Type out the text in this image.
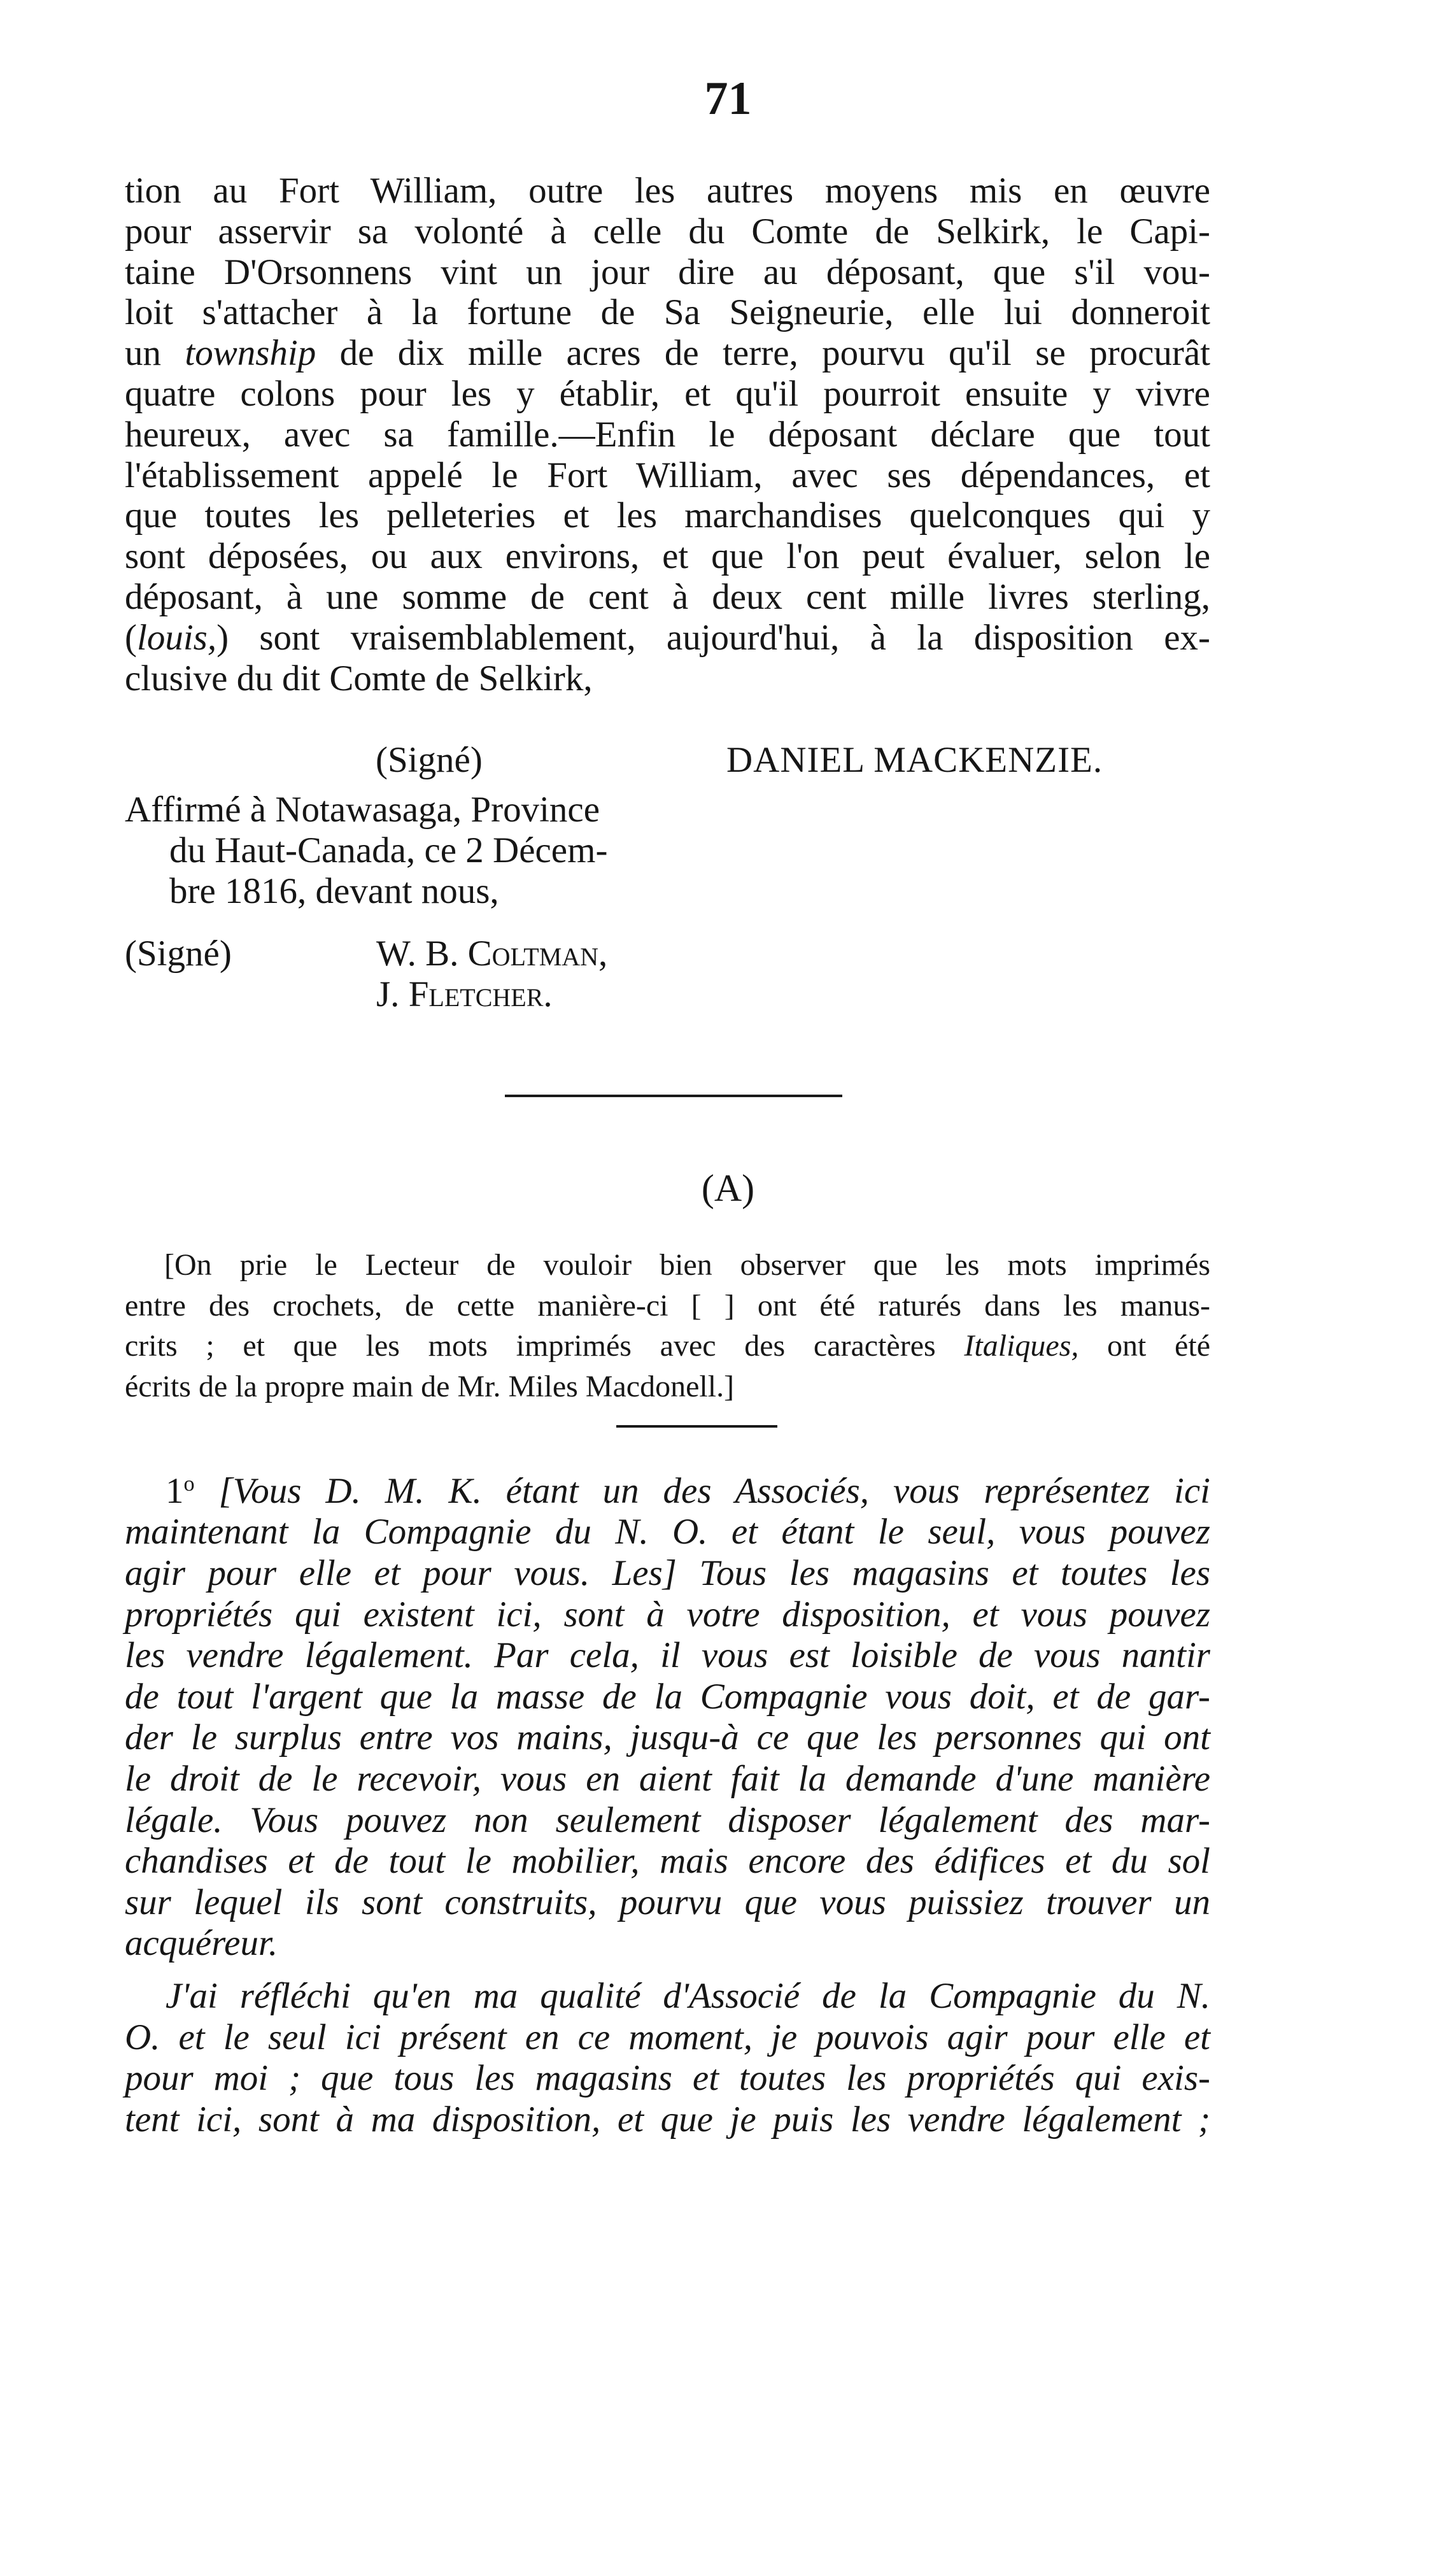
71
tion au Fort William, outre les autres moyens mis en œuvre
pour asservir sa volonté à celle du Comte de Selkirk, le Capi-
taine D'Orsonnens vint un jour dire au déposant, que s'il vou-
loit s'attacher à la fortune de Sa Seigneurie, elle lui donneroit
un township de dix mille acres de terre, pourvu qu'il se procurât
quatre colons pour les y établir, et qu'il pourroit ensuite y vivre
heureux, avec sa famille.—Enfin le déposant déclare que tout
l'établissement appelé le Fort William, avec ses dépendances, et
que toutes les pelleteries et les marchandises quelconques qui y
sont déposées, ou aux environs, et que l'on peut évaluer, selon le
déposant, à une somme de cent à deux cent mille livres sterling,
(louis,) sont vraisemblablement, aujourd'hui, à la disposition ex-
clusive du dit Comte de Selkirk,
(Signé)	DANIEL MACKENZIE.
Affirmé à Notawasaga, Province
du Haut-Canada, ce 2 Décem-
bre 1816, devant nous,
(Signé)	W. B. Coltman,
J. Fletcher.
(A)
[On prie le Lecteur de vouloir bien observer que les mots imprimés
entre des crochets, de cette manière-ci [ ] ont été raturés dans les manus-
crits ; et que les mots imprimés avec des caractères Italiques, ont été
écrits de la propre main de Mr. Miles Macdonell.]
1$^o$ [Vous D. M. K. étant un des Associés, vous représentez ici
maintenant la Compagnie du N. O. et étant le seul, vous pouvez
agir pour elle et pour vous. Les] Tous les magasins et toutes les
propriétés qui existent ici, sont à votre disposition, et vous pouvez
les vendre légalement. Par cela, il vous est loisible de vous nantir
de tout l'argent que la masse de la Compagnie vous doit, et de gar-
der le surplus entre vos mains, jusqu-à ce que les personnes qui ont
le droit de le recevoir, vous en aient fait la demande d'une manière
légale. Vous pouvez non seulement disposer légalement des mar-
chandises et de tout le mobilier, mais encore des édifices et du sol
sur lequel ils sont construits, pourvu que vous puissiez trouver un
acquéreur.
J'ai réfléchi qu'en ma qualité d'Associé de la Compagnie du N.
O. et le seul ici présent en ce moment, je pouvois agir pour elle et
pour moi ; que tous les magasins et toutes les propriétés qui exis-
tent ici, sont à ma disposition, et que je puis les vendre légalement ;
